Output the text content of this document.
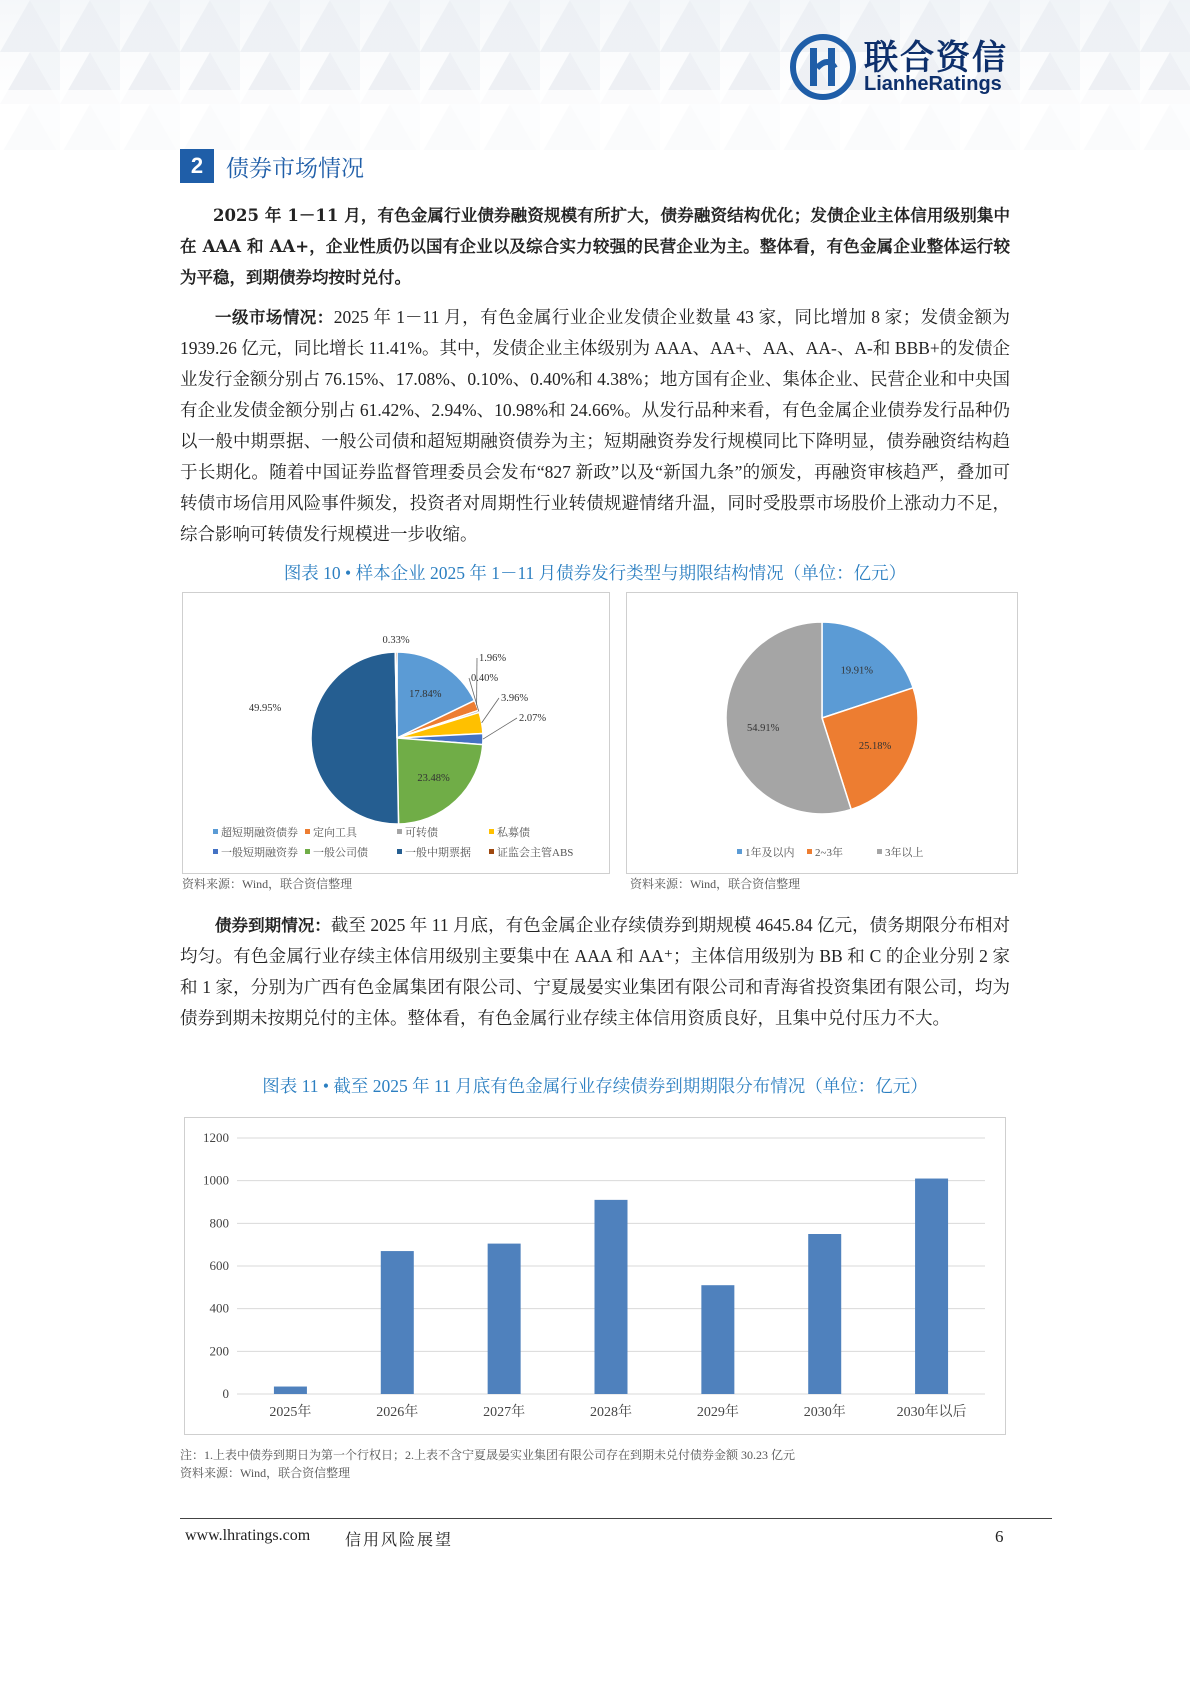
联合资信
LianheRatings
2 债券市场情况
2025 年 1－11 月，有色金属行业债券融资规模有所扩大，债券融资结构优化；发债企业主体信用级别集中在 AAA 和 AA+，企业性质仍以国有企业以及综合实力较强的民营企业为主。整体看，有色金属企业整体运行较为平稳，到期债券均按时兑付。
一级市场情况：2025 年 1－11 月，有色金属行业企业发债企业数量 43 家，同比增加 8 家；发债金额为 1939.26 亿元，同比增长 11.41%。其中，发债企业主体级别为 AAA、AA+、AA、AA-、A-和 BBB+的发债企业发行金额分别占 76.15%、17.08%、0.10%、0.40%和 4.38%；地方国有企业、集体企业、民营企业和中央国有企业发债金额分别占 61.42%、2.94%、10.98%和 24.66%。从发行品种来看，有色金属企业债券发行品种仍以一般中期票据、一般公司债和超短期融资债券为主；短期融资券发行规模同比下降明显，债券融资结构趋于长期化。随着中国证券监督管理委员会发布“827 新政”以及“新国九条”的颁发，再融资审核趋严，叠加可转债市场信用风险事件频发，投资者对周期性行业转债规避情绪升温，同时受股票市场股价上涨动力不足，综合影响可转债发行规模进一步收缩。
图表 10 • 样本企业 2025 年 1－11 月债券发行类型与期限结构情况（单位：亿元）
17.84%
1.96%
0.40%
3.96%
2.07%
23.48%
49.95%
0.33%
超短期融资债券 定向工具	可转债	私募债
一般短期融资券 一般公司债	一般中期票据 证监会主管ABS
资料来源：Wind，联合资信整理
19.91%
25.18%
54.91%
1年及以内 2~3年	3年以上
资料来源：Wind，联合资信整理
债券到期情况：截至 2025 年 11 月底，有色金属企业存续债券到期规模 4645.84 亿元，债务期限分布相对均匀。有色金属行业存续主体信用级别主要集中在 AAA 和 AA⁺；主体信用级别为 BB 和 C 的企业分别 2 家和 1 家，分别为广西有色金属集团有限公司、宁夏晟晏实业集团有限公司和青海省投资集团有限公司，均为债券到期未按期兑付的主体。整体看，有色金属行业存续主体信用资质良好，且集中兑付压力不大。
图表 11 • 截至 2025 年 11 月底有色金属行业存续债券到期期限分布情况（单位：亿元）
0
200
400
600
800
1000
1200
2025年	2026年	2027年	2028年	2029年	2030年	2030年以后
注：1.上表中债券到期日为第一个行权日；2.上表不含宁夏晟晏实业集团有限公司存在到期未兑付债券金额 30.23 亿元
资料来源：Wind，联合资信整理
www.lhratings.com 信用风险展望	6
